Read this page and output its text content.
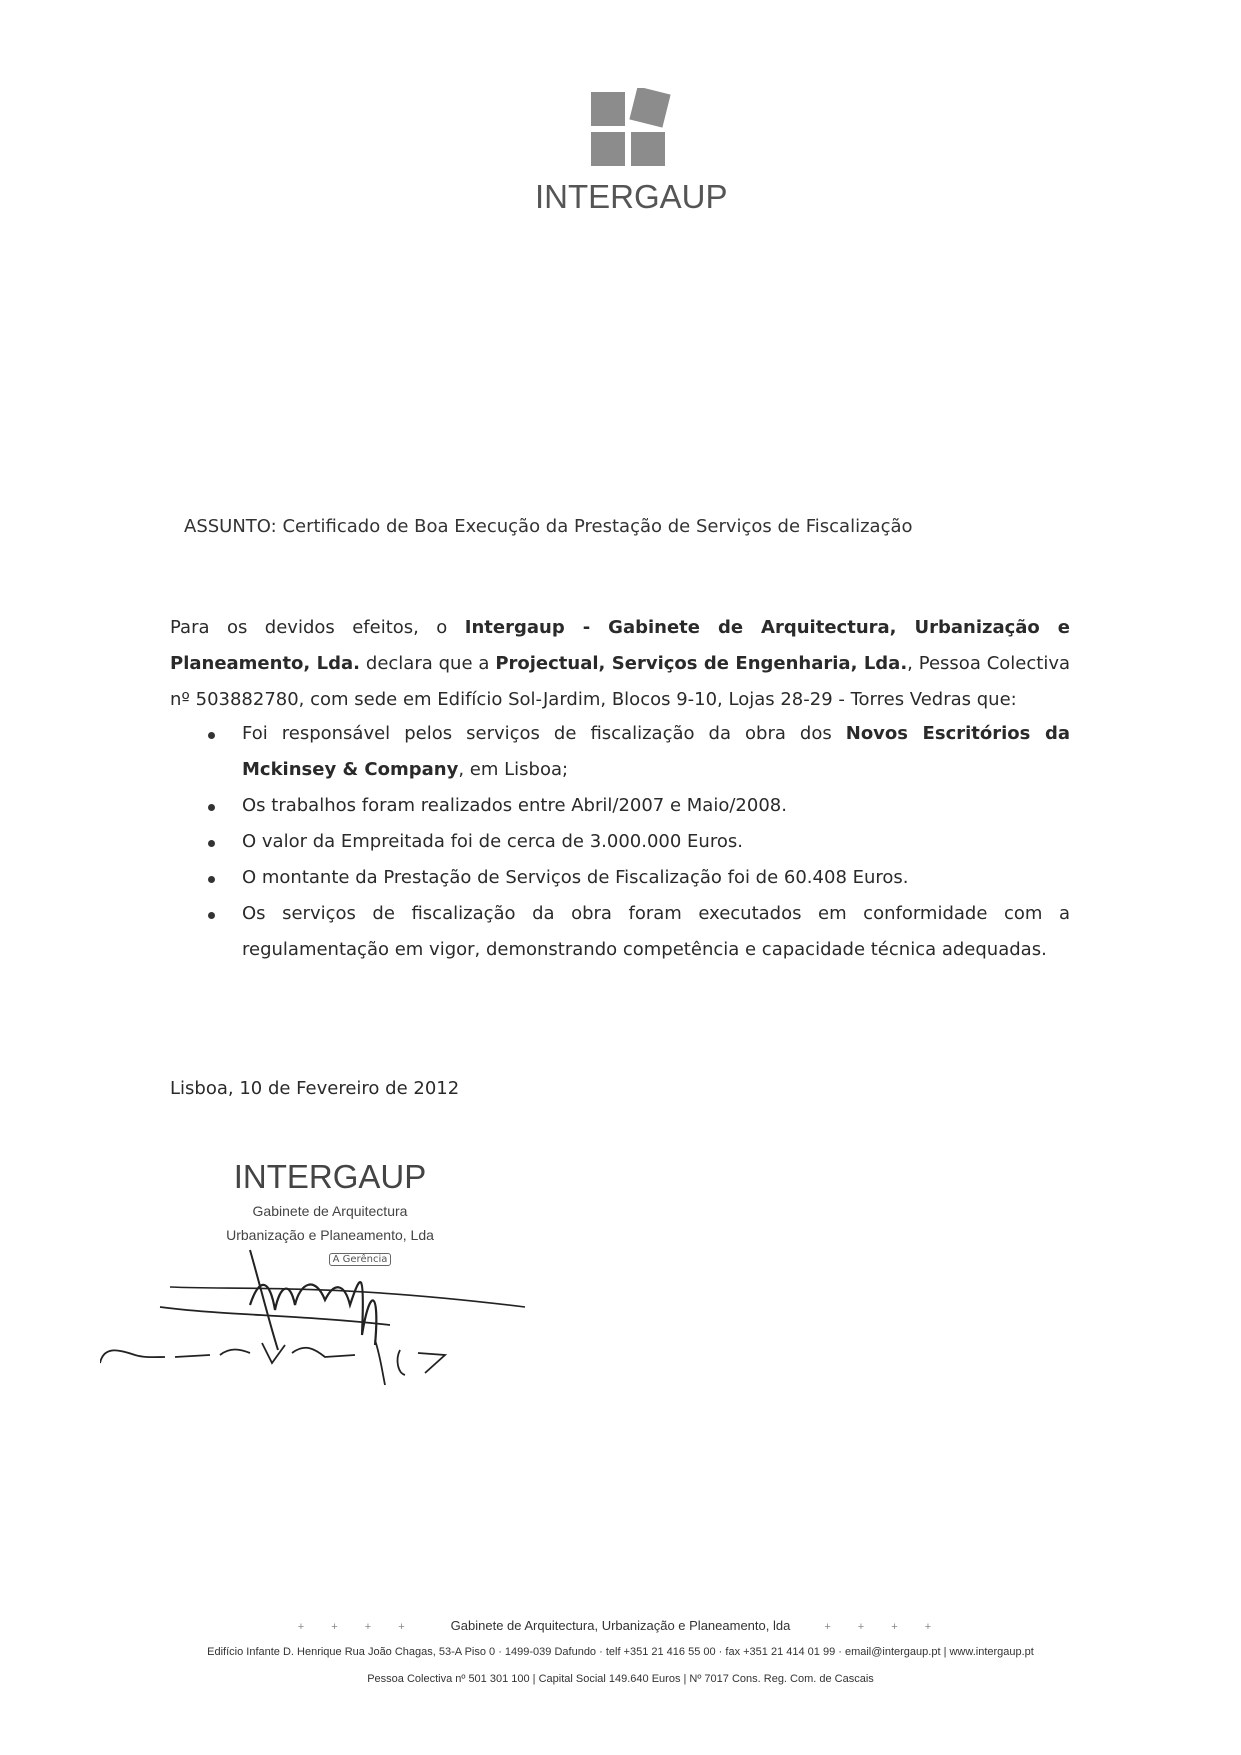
INTERGAUP
ASSUNTO: Certificado de Boa Execução da Prestação de Serviços de Fiscalização
Para os devidos efeitos, o Intergaup - Gabinete de Arquitectura, Urbanização e Planeamento, Lda. declara que a Projectual, Serviços de Engenharia, Lda., Pessoa Colectiva nº 503882780, com sede em Edifício Sol-Jardim, Blocos 9-10, Lojas 28-29 - Torres Vedras que:
Foi responsável pelos serviços de fiscalização da obra dos Novos Escritórios da Mckinsey & Company, em Lisboa;
Os trabalhos foram realizados entre Abril/2007 e Maio/2008.
O valor da Empreitada foi de cerca de 3.000.000 Euros.
O montante da Prestação de Serviços de Fiscalização foi de 60.408 Euros.
Os serviços de fiscalização da obra foram executados em conformidade com a regulamentação em vigor, demonstrando competência e capacidade técnica adequadas.
Lisboa, 10 de Fevereiro de 2012
INTERGAUP
Gabinete de Arquitectura
Urbanização e Planeamento, Lda
A Gerência
+ + + +	Gabinete de Arquitectura, Urbanização e Planeamento, lda	+ + + +
Edifício Infante D. Henrique Rua João Chagas, 53-A Piso 0 · 1499-039 Dafundo · telf +351 21 416 55 00 · fax +351 21 414 01 99 · email@intergaup.pt | www.intergaup.pt
Pessoa Colectiva nº 501 301 100 | Capital Social 149.640 Euros | Nº 7017 Cons. Reg. Com. de Cascais
